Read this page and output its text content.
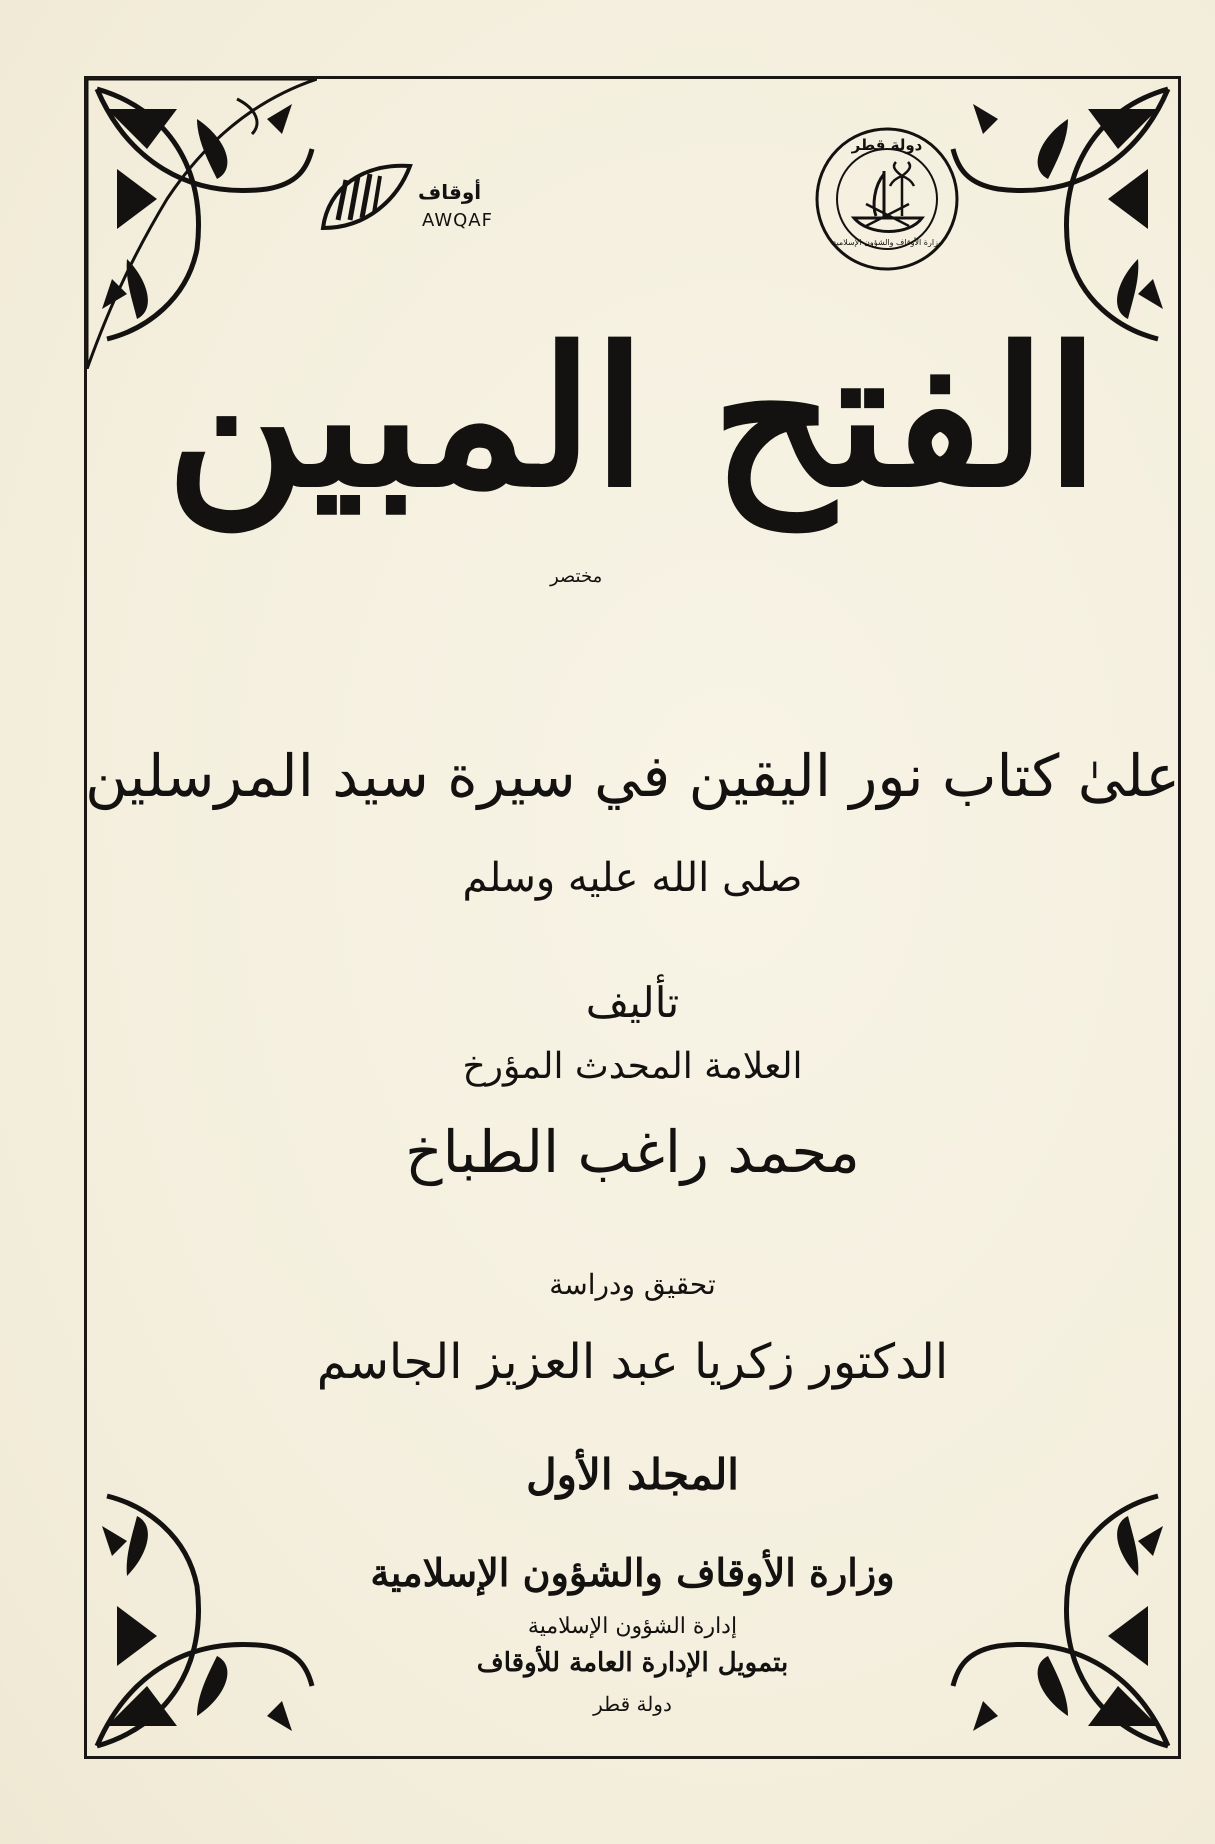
أوقاف
AWQAF
دولة قطر
وزارة الأوقاف والشؤون الإسلامية
الفتح المبين
مختصر
علىٰ كتاب نور اليقين في سيرة سيد المرسلين
صلى الله عليه وسلم
تأليف
العلامة المحدث المؤرخ
محمد راغب الطباخ
تحقيق ودراسة
الدكتور زكريا عبد العزيز الجاسم
المجلد الأول
وزارة الأوقاف والشؤون الإسلامية
إدارة الشؤون الإسلامية
بتمويل الإدارة العامة للأوقاف
دولة قطر
